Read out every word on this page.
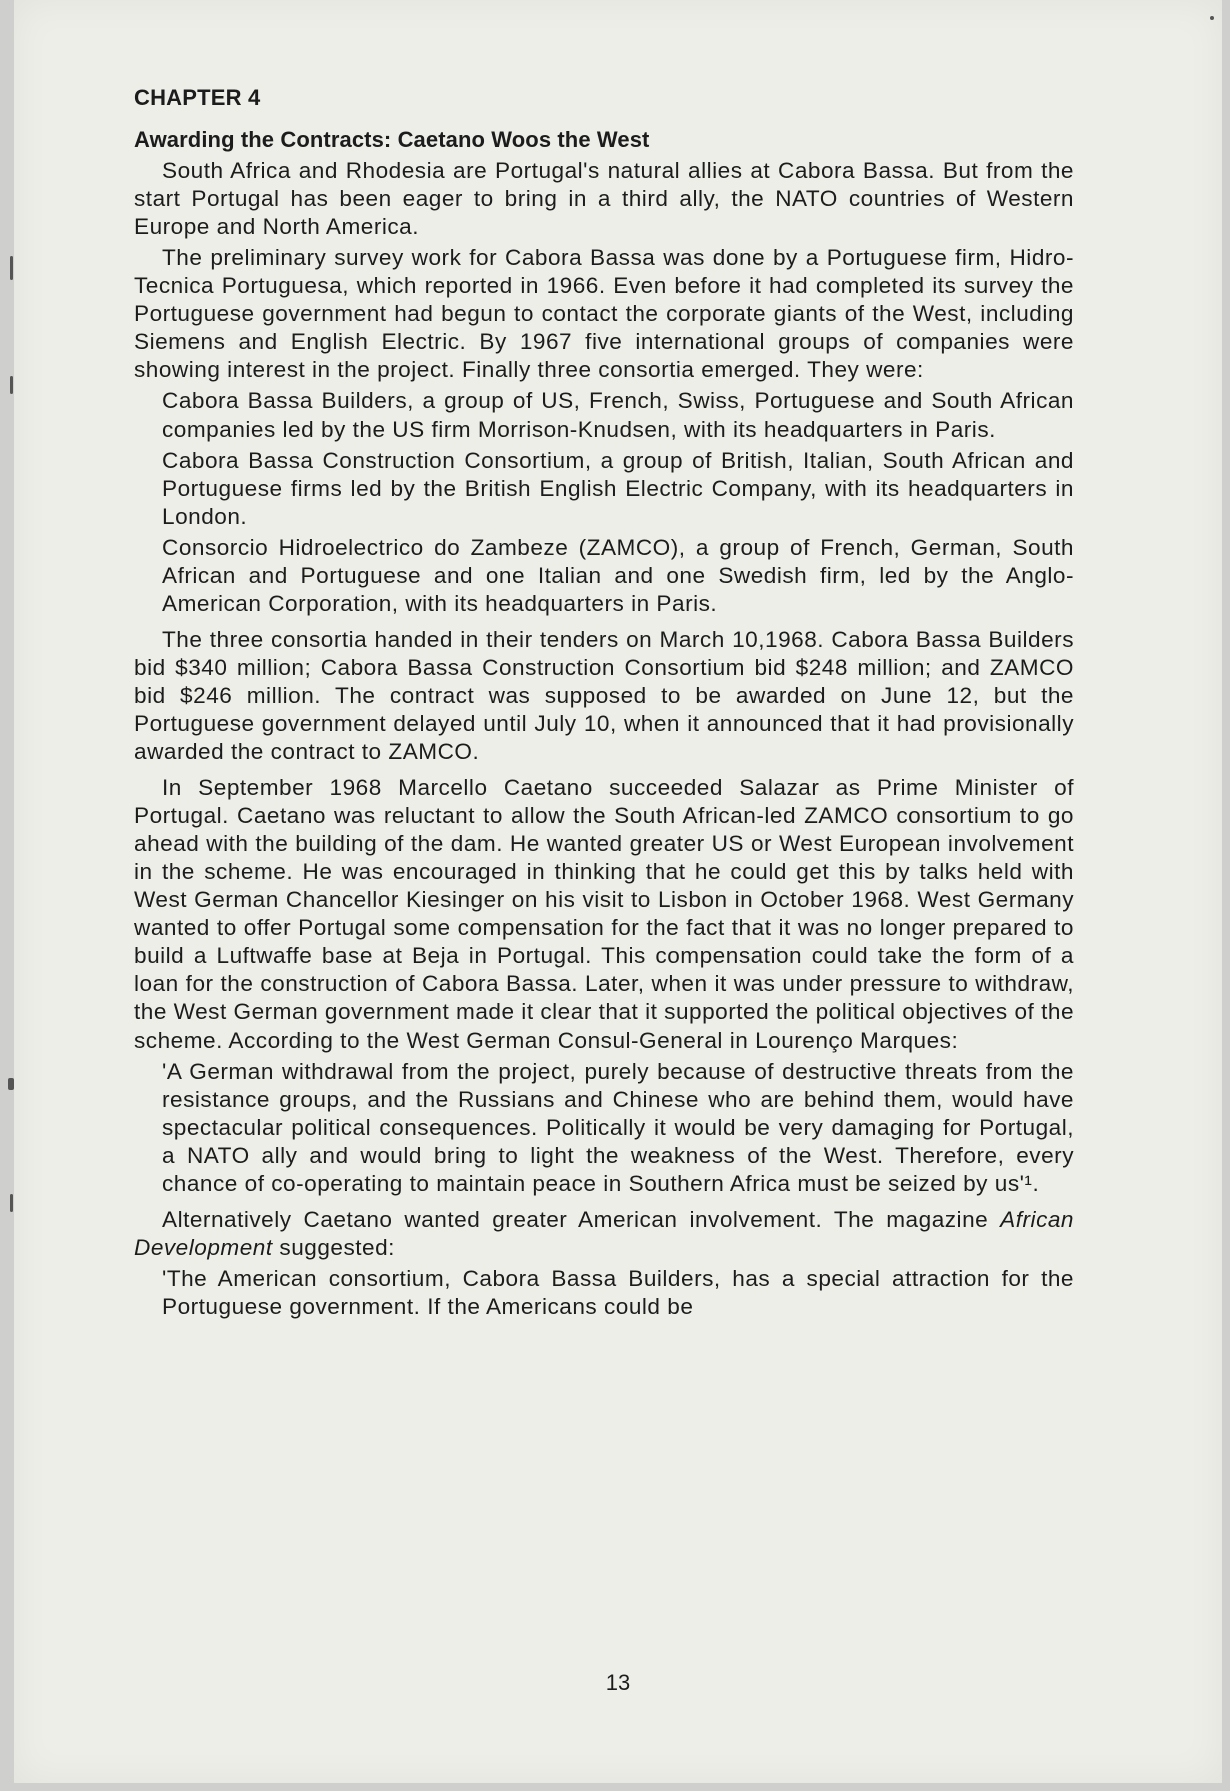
CHAPTER 4
Awarding the Contracts: Caetano Woos the West

South Africa and Rhodesia are Portugal's natural allies at Cabora Bassa. But from the start Portugal has been eager to bring in a third ally, the NATO countries of Western Europe and North America.

The preliminary survey work for Cabora Bassa was done by a Portuguese firm, Hidro-Tecnica Portuguesa, which reported in 1966. Even before it had completed its survey the Portuguese government had begun to contact the corporate giants of the West, including Siemens and English Electric. By 1967 five international groups of companies were showing interest in the project. Finally three consortia emerged. They were:

Cabora Bassa Builders, a group of US, French, Swiss, Portuguese and South African companies led by the US firm Morrison-Knudsen, with its headquarters in Paris.

Cabora Bassa Construction Consortium, a group of British, Italian, South African and Portuguese firms led by the British English Electric Company, with its headquarters in London.

Consorcio Hidroelectrico do Zambeze (ZAMCO), a group of French, German, South African and Portuguese and one Italian and one Swedish firm, led by the Anglo-American Corporation, with its headquarters in Paris.

The three consortia handed in their tenders on March 10,1968. Cabora Bassa Builders bid $340 million; Cabora Bassa Construction Consortium bid $248 million; and ZAMCO bid $246 million. The contract was supposed to be awarded on June 12, but the Portuguese government delayed until July 10, when it announced that it had provisionally awarded the contract to ZAMCO.

In September 1968 Marcello Caetano succeeded Salazar as Prime Minister of Portugal. Caetano was reluctant to allow the South African-led ZAMCO consortium to go ahead with the building of the dam. He wanted greater US or West European involvement in the scheme. He was encouraged in thinking that he could get this by talks held with West German Chancellor Kiesinger on his visit to Lisbon in October 1968. West Germany wanted to offer Portugal some compensation for the fact that it was no longer prepared to build a Luftwaffe base at Beja in Portugal. This compensation could take the form of a loan for the construction of Cabora Bassa. Later, when it was under pressure to withdraw, the West German government made it clear that it supported the political objectives of the scheme. According to the West German Consul-General in Lourenço Marques:

'A German withdrawal from the project, purely because of destructive threats from the resistance groups, and the Russians and Chinese who are behind them, would have spectacular political consequences. Politically it would be very damaging for Portugal, a NATO ally and would bring to light the weakness of the West. Therefore, every chance of co-operating to maintain peace in Southern Africa must be seized by us'¹.

Alternatively Caetano wanted greater American involvement. The magazine African Development suggested:

'The American consortium, Cabora Bassa Builders, has a special attraction for the Portuguese government. If the Americans could be

13
